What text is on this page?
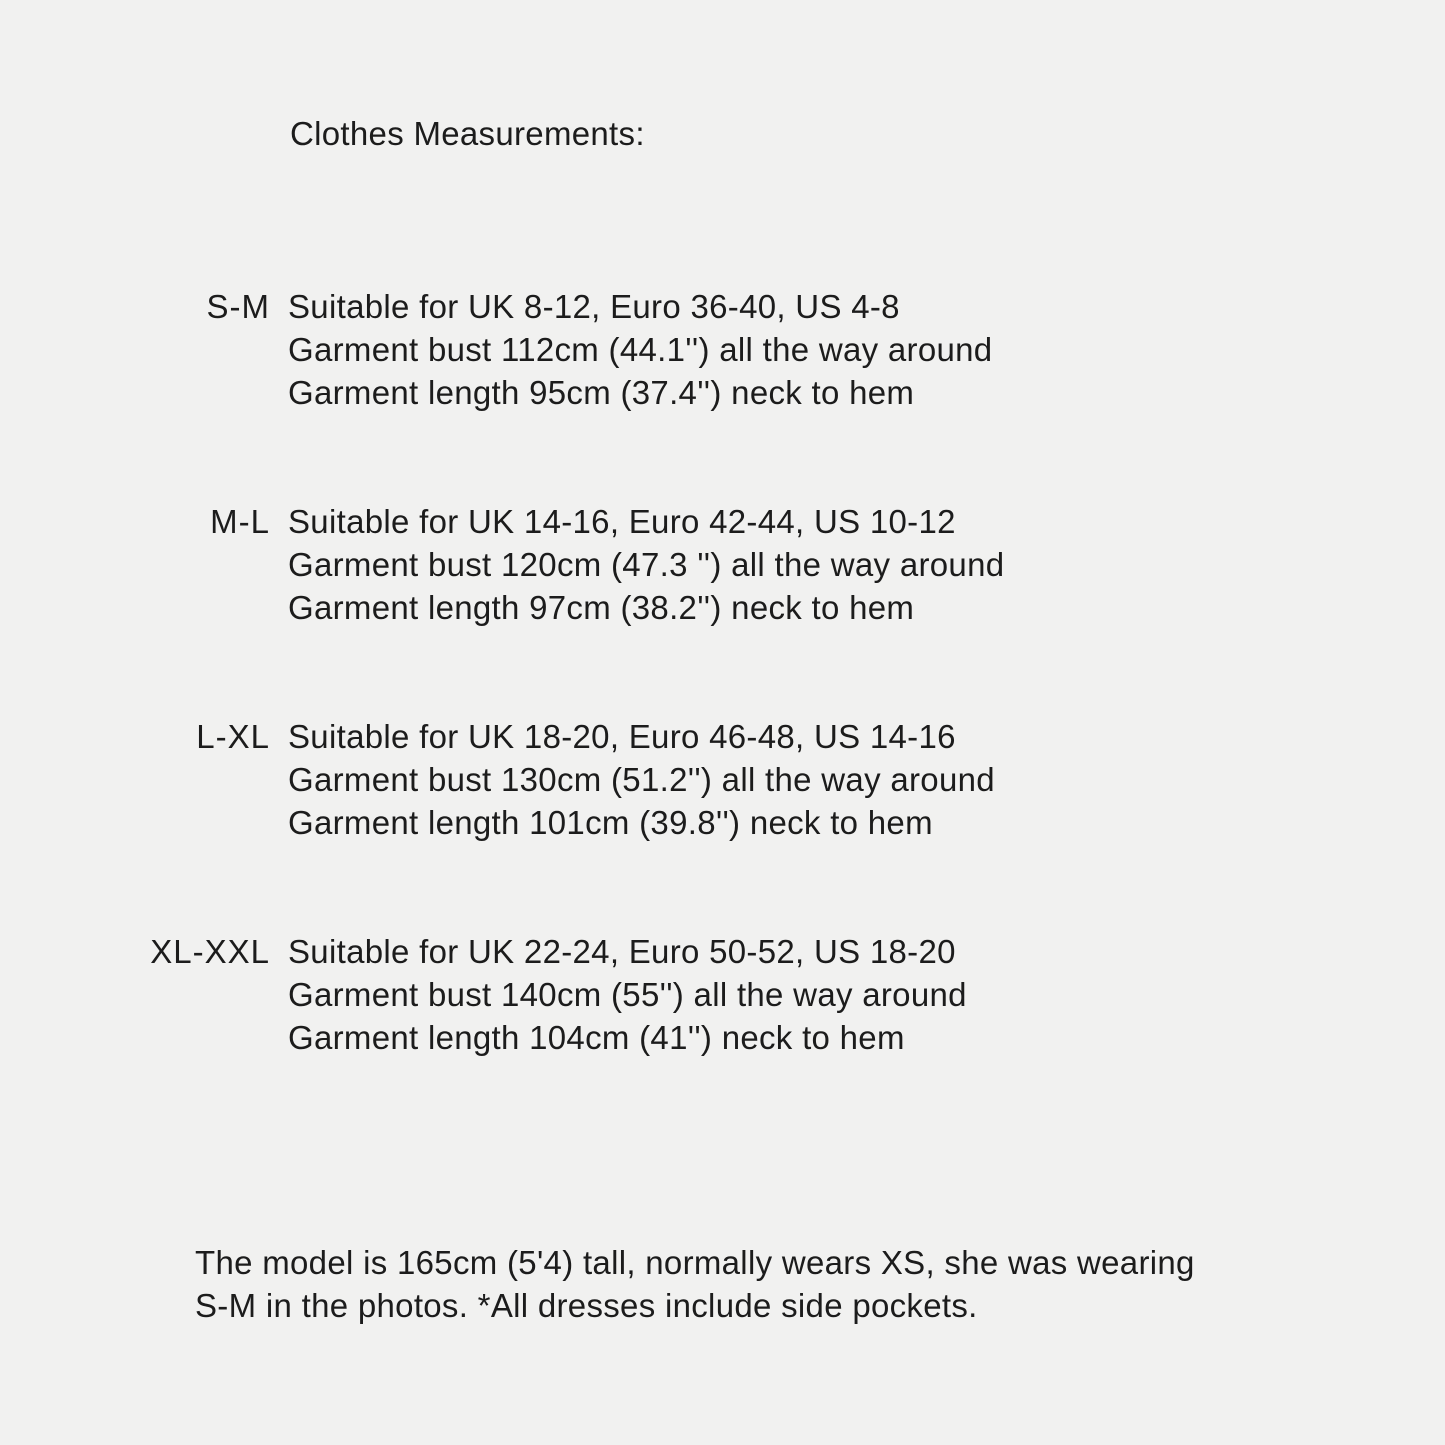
Clothes Measurements:
S-M Suitable for UK 8-12, Euro 36-40, US 4-8
Garment bust 112cm (44.1'') all the way around
Garment length 95cm (37.4'') neck to hem
M-L Suitable for UK 14-16, Euro 42-44, US 10-12
Garment bust 120cm (47.3 '') all the way around
Garment length 97cm (38.2'') neck to hem
L-XL Suitable for UK 18-20, Euro 46-48, US 14-16
Garment bust 130cm (51.2'') all the way around
Garment length 101cm (39.8'') neck to hem
XL-XXL Suitable for UK 22-24, Euro 50-52, US 18-20
Garment bust 140cm (55'') all the way around
Garment length 104cm (41'') neck to hem

The model is 165cm (5'4) tall, normally wears XS, she was wearing
S-M in the photos. *All dresses include side pockets.
